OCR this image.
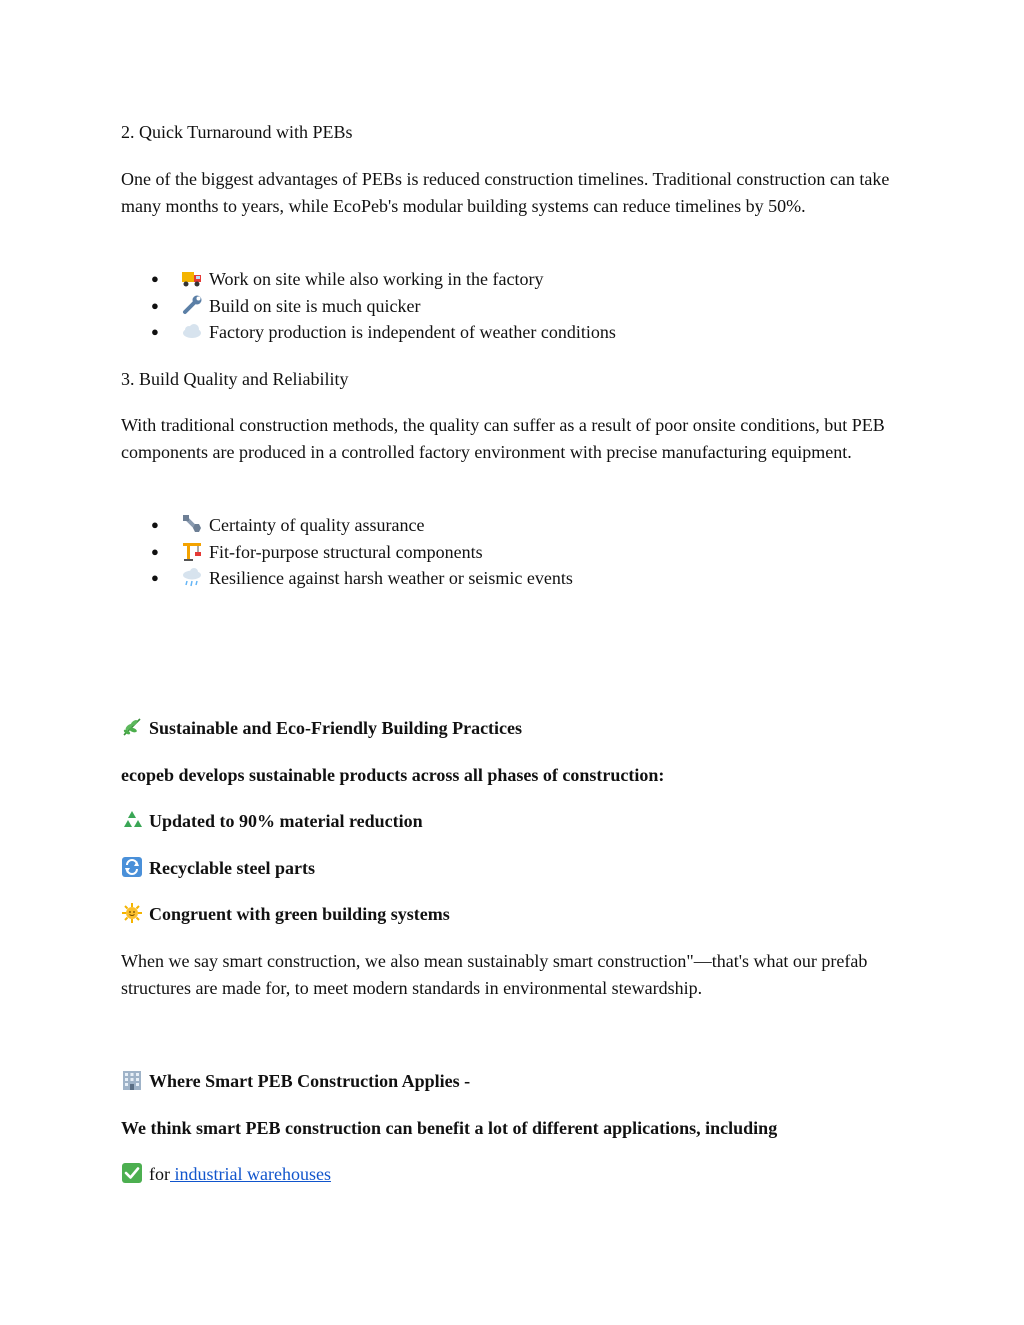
2. Quick Turnaround with PEBs

One of the biggest advantages of PEBs is reduced construction timelines. Traditional construction can take many months to years, while EcoPeb's modular building systems can reduce timelines by 50%.

●	Work on site while also working in the factory
●	Build on site is much quicker
●	Factory production is independent of weather conditions

3. Build Quality and Reliability

With traditional construction methods, the quality can suffer as a result of poor onsite conditions, but PEB components are produced in a controlled factory environment with precise manufacturing equipment.

●	Certainty of quality assurance
●	Fit-for-purpose structural components
●	Resilience against harsh weather or seismic events

Sustainable and Eco-Friendly Building Practices

ecopeb develops sustainable products across all phases of construction:

Updated to 90% material reduction

Recyclable steel parts

Congruent with green building systems

When we say smart construction, we also mean sustainably smart construction"—that's what our prefab structures are made for, to meet modern standards in environmental stewardship.

Where Smart PEB Construction Applies -

We think smart PEB construction can benefit a lot of different applications, including

for industrial warehouses
